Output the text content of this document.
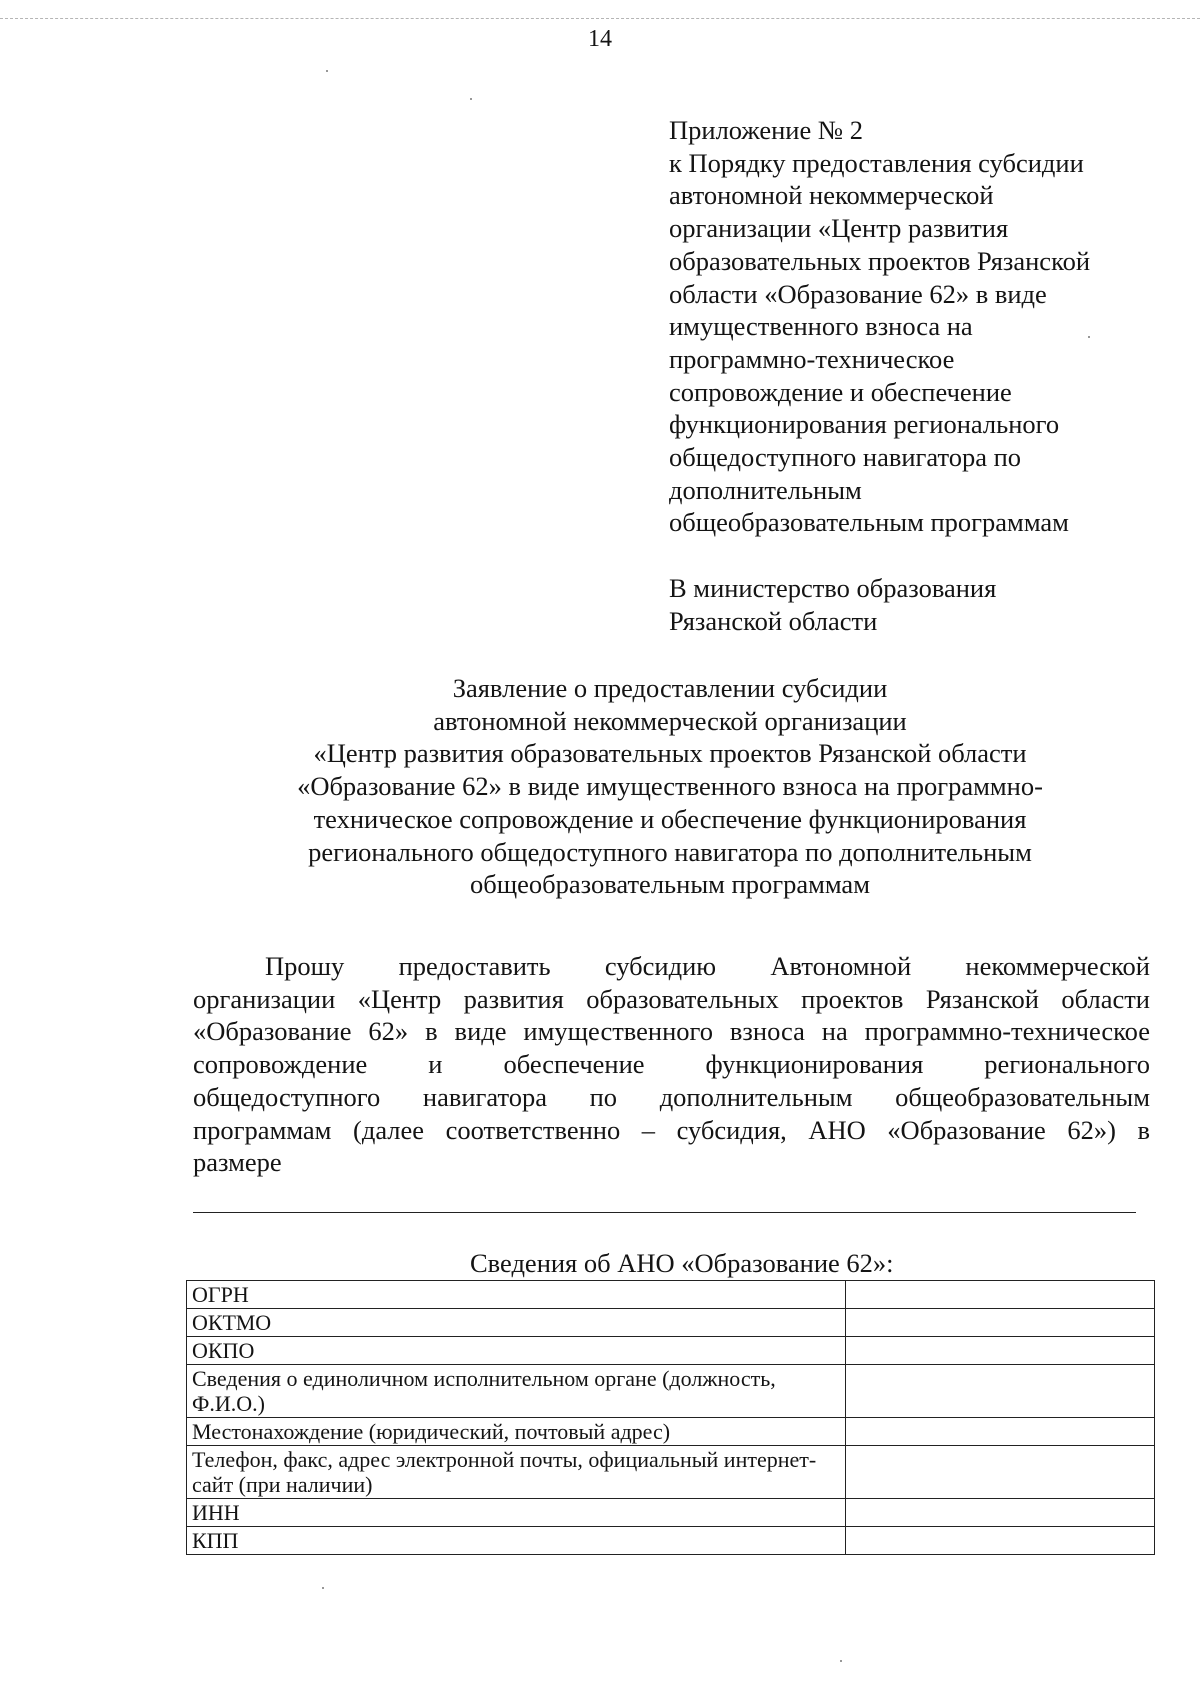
14
Приложение № 2
к Порядку предоставления субсидии
автономной некоммерческой
организации «Центр развития
образовательных проектов Рязанской
области «Образование 62» в виде
имущественного взноса на
программно-техническое
сопровождение и обеспечение
функционирования регионального
общедоступного навигатора по
дополнительным
общеобразовательным программам
В министерство образования
Рязанской области
Заявление о предоставлении субсидии
автономной некоммерческой организации
«Центр развития образовательных проектов Рязанской области
«Образование 62» в виде имущественного взноса на программно-
техническое сопровождение и обеспечение функционирования
регионального общедоступного навигатора по дополнительным
общеобразовательным программам
Прошу предоставить субсидию Автономной некоммерческой
организации «Центр развития образовательных проектов Рязанской области
«Образование 62» в виде имущественного взноса на программно-техническое
сопровождение и обеспечение функционирования регионального
общедоступного навигатора по дополнительным общеобразовательным
программам (далее соответственно – субсидия, АНО «Образование 62») в
размере
Сведения об АНО «Образование 62»:
ОГРН	
ОКТМО	
ОКПО	
Сведения о единоличном исполнительном органе (должность, Ф.И.О.)	
Местонахождение (юридический, почтовый адрес)	
Телефон, факс, адрес электронной почты, официальный интернет-сайт (при наличии)	
ИНН	
КПП	
